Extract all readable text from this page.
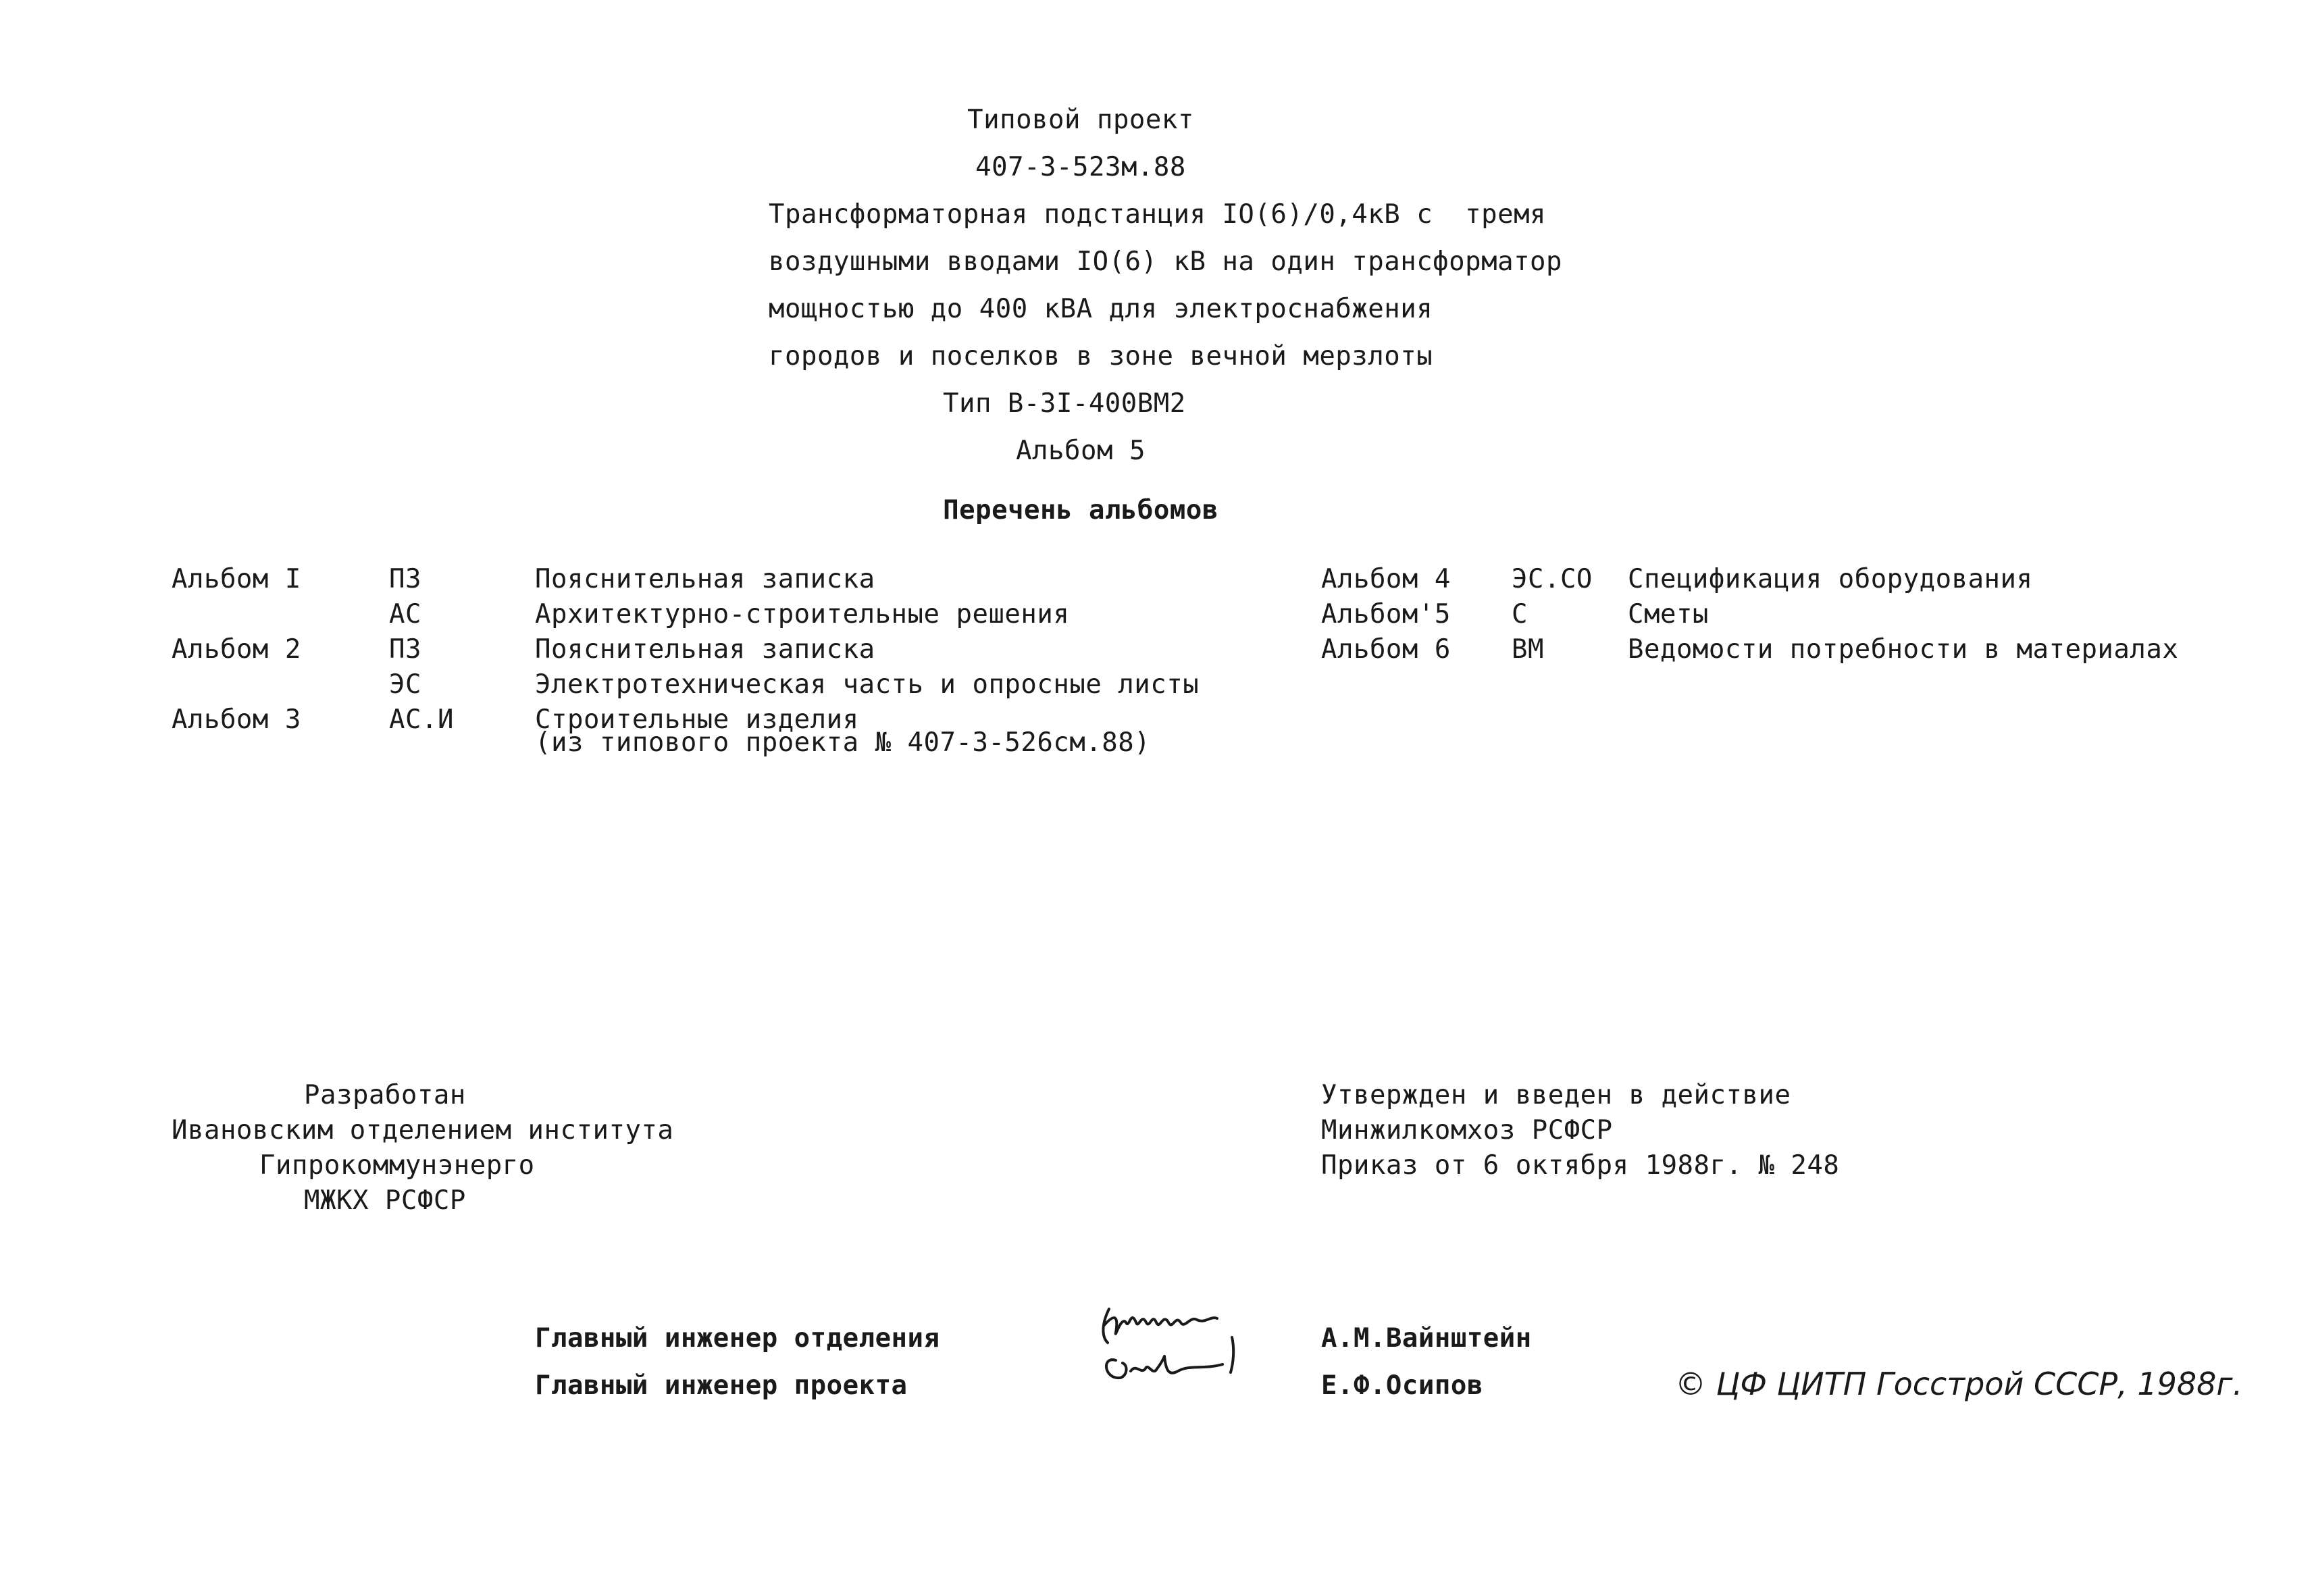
Типовой проект
407-3-523м.88
Трансформаторная подстанция IO(6)/0,4кВ с  тремя
воздушными вводами IO(6) кВ на один трансформатор
мощностью до 400 кВА для электроснабжения
городов и поселков в зоне вечной мерзлоты
Тип В-3I-400ВМ2
Альбом 5
Перечень альбомов
Альбом I	ПЗ	Пояснительная записка
АС	Архитектурно-строительные решения
Альбом 2	ПЗ	Пояснительная записка
ЭС	Электротехническая часть и опросные листы
Альбом 3	АС.И	Строительные изделия
(из типового проекта № 407-3-526см.88)
Альбом 4 ЭС.СО Спецификация оборудования
Альбом'5 С	Сметы
Альбом 6 ВМ	Ведомости потребности в материалах
Разработан
Ивановским отделением института
Гипрокоммунэнерго
МЖКХ РСФСР
Утвержден и введен в действие
Минжилкомхоз РСФСР
Приказ от 6 октября 1988г. № 248
Главный инженер отделения	А.М.Вайнштейн
Главный инженер проекта	Е.Ф.Осипов	© ЦФ ЦИТП Госстрой СССР, 1988г.
